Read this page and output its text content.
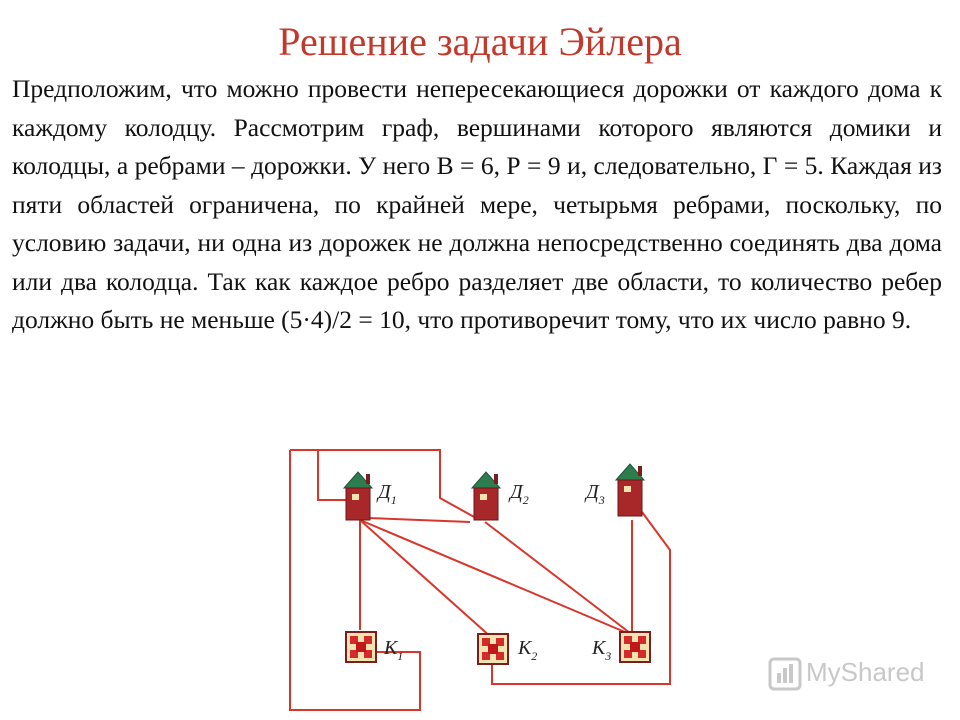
Решение задачи Эйлера

Предположим, что можно провести непересекающиеся дорожки от каждого дома к каждому колодцу. Рассмотрим граф, вершинами которого являются домики и колодцы, а ребрами – дорожки. У него В = 6, Р = 9 и, следовательно, Г = 5. Каждая из пяти областей ограничена, по крайней мере, четырьмя ребрами, поскольку, по условию задачи, ни одна из дорожек не должна непосредственно соединять два дома или два колодца. Так как каждое ребро разделяет две области, то количество ребер должно быть не меньше (5·4)/2 = 10, что противоречит тому, что их число равно 9.

$Д_1$	$Д_2$	$Д_3$
$К_1$	$К_2$	$К_3$
MyShared
